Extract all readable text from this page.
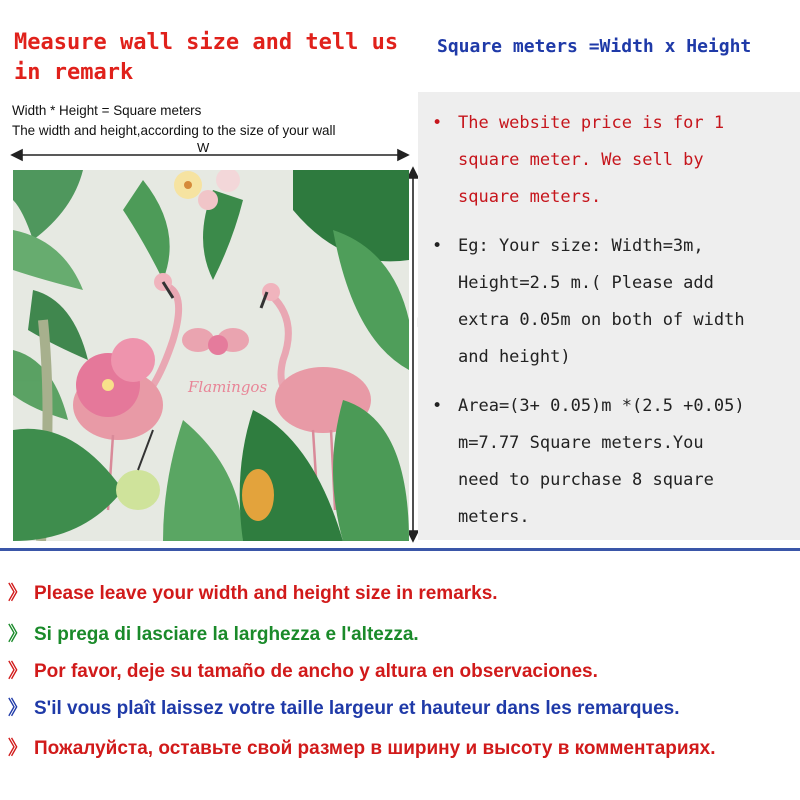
Measure wall size and tell us
in remark
Square meters =Width x Height
Width * Height = Square meters
The width and height,according to the size of your wall
W
Flamingos
• The website price is for 1
square meter. We sell by
square meters.
• Eg: Your size: Width=3m,
Height=2.5 m.( Please add
extra 0.05m on both of width
and height)
• Area=(3+ 0.05)m *(2.5 +0.05)
m=7.77 Square meters.You
need to purchase 8 square
meters.
》 Please leave your width and height size in remarks.
》 Si prega di lasciare la larghezza e l'altezza.
》 Por favor, deje su tamaño de ancho y altura en observaciones.
》 S'il vous plaît laissez votre taille largeur et hauteur dans les remarques.
》 Пожалуйста, оставьте свой размер в ширину и высоту в комментариях.
